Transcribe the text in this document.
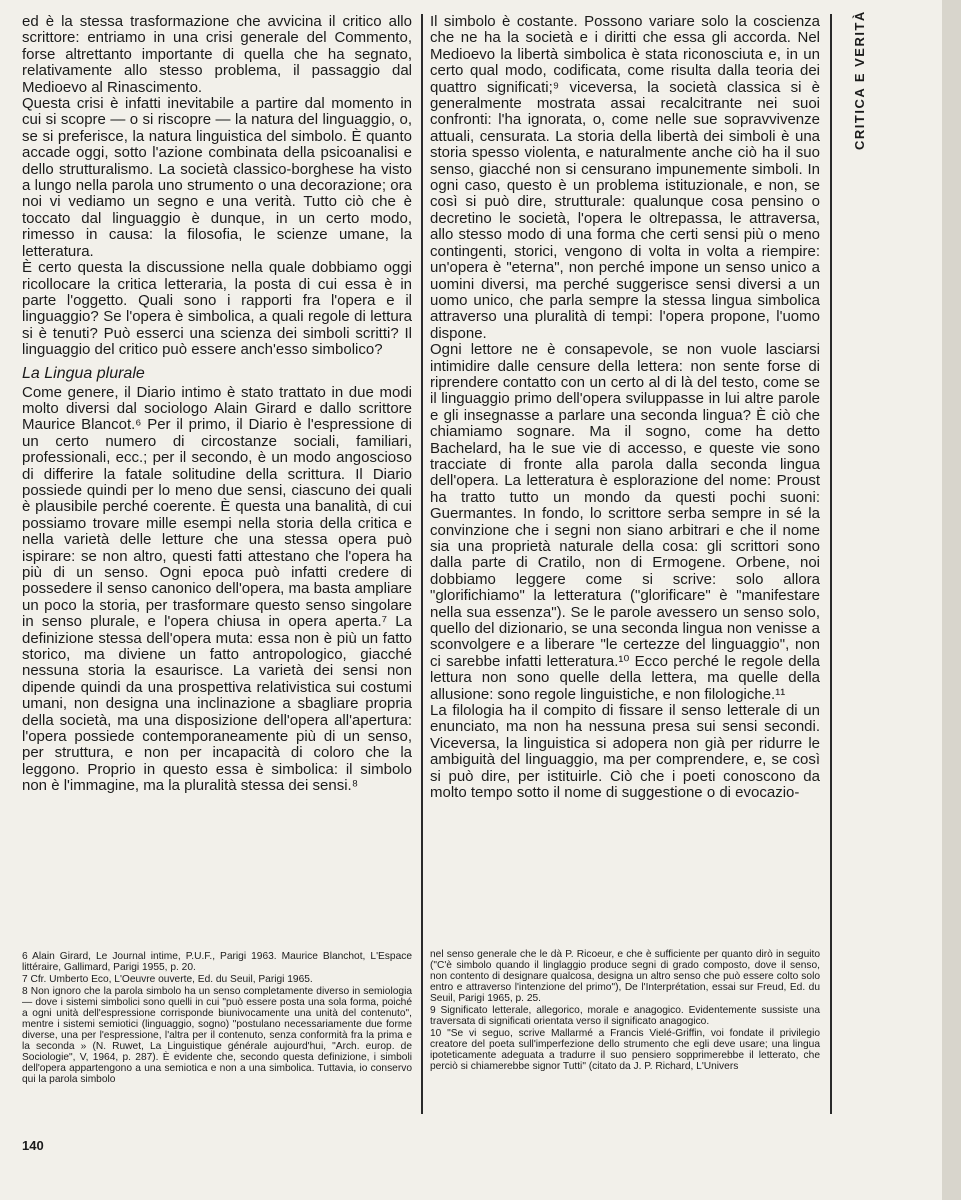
ed è la stessa trasformazione che avvicina il critico allo scrittore: entriamo in una crisi generale del Commento, forse altrettanto importante di quella che ha segnato, relativamente allo stesso problema, il passaggio dal Medioevo al Rinascimento.

Questa crisi è infatti inevitabile a partire dal momento in cui si scopre — o si riscopre — la natura del linguaggio, o, se si preferisce, la natura linguistica del simbolo. È quanto accade oggi, sotto l'azione combinata della psicoanalisi e dello strutturalismo. La società classico-borghese ha visto a lungo nella parola uno strumento o una decorazione; ora noi vi vediamo un segno e una verità. Tutto ciò che è toccato dal linguaggio è dunque, in un certo modo, rimesso in causa: la filosofia, le scienze umane, la letteratura.

È certo questa la discussione nella quale dobbiamo oggi ricollocare la critica letteraria, la posta di cui essa è in parte l'oggetto. Quali sono i rapporti fra l'opera e il linguaggio? Se l'opera è simbolica, a quali regole di lettura si è tenuti? Può esserci una scienza dei simboli scritti? Il linguaggio del critico può essere anch'esso simbolico?

La Lingua plurale

Come genere, il Diario intimo è stato trattato in due modi molto diversi dal sociologo Alain Girard e dallo scrittore Maurice Blancot.⁶ Per il primo, il Diario è l'espressione di un certo numero di circostanze sociali, familiari, professionali, ecc.; per il secondo, è un modo angoscioso di differire la fatale solitudine della scrittura. Il Diario possiede quindi per lo meno due sensi, ciascuno dei quali è plausibile perché coerente. È questa una banalità, di cui possiamo trovare mille esempi nella storia della critica e nella varietà delle letture che una stessa opera può ispirare: se non altro, questi fatti attestano che l'opera ha più di un senso. Ogni epoca può infatti credere di possedere il senso canonico dell'opera, ma basta ampliare un poco la storia, per trasformare questo senso singolare in senso plurale, e l'opera chiusa in opera aperta.⁷ La definizione stessa dell'opera muta: essa non è più un fatto storico, ma diviene un fatto antropologico, giacché nessuna storia la esaurisce. La varietà dei sensi non dipende quindi da una prospettiva relativistica sui costumi umani, non designa una inclinazione a sbagliare propria della società, ma una disposizione dell'opera all'apertura: l'opera possiede contemporaneamente più di un senso, per struttura, e non per incapacità di coloro che la leggono. Proprio in questo essa è simbolica: il simbolo non è l'immagine, ma la pluralità stessa dei sensi.⁸

Il simbolo è costante. Possono variare solo la coscienza che ne ha la società e i diritti che essa gli accorda. Nel Medioevo la libertà simbolica è stata riconosciuta e, in un certo qual modo, codificata, come risulta dalla teoria dei quattro significati;⁹ viceversa, la società classica si è generalmente mostrata assai recalcitrante nei suoi confronti: l'ha ignorata, o, come nelle sue sopravvivenze attuali, censurata. La storia della libertà dei simboli è una storia spesso violenta, e naturalmente anche ciò ha il suo senso, giacché non si censurano impunemente simboli. In ogni caso, questo è un problema istituzionale, e non, se così si può dire, strutturale: qualunque cosa pensino o decretino le società, l'opera le oltrepassa, le attraversa, allo stesso modo di una forma che certi sensi più o meno contingenti, storici, vengono di volta in volta a riempire: un'opera è "eterna", non perché impone un senso unico a uomini diversi, ma perché suggerisce sensi diversi a un uomo unico, che parla sempre la stessa lingua simbolica attraverso una pluralità di tempi: l'opera propone, l'uomo dispone.

Ogni lettore ne è consapevole, se non vuole lasciarsi intimidire dalle censure della lettera: non sente forse di riprendere contatto con un certo al di là del testo, come se il linguaggio primo dell'opera sviluppasse in lui altre parole e gli insegnasse a parlare una seconda lingua? È ciò che chiamiamo sognare. Ma il sogno, come ha detto Bachelard, ha le sue vie di accesso, e queste vie sono tracciate di fronte alla parola dalla seconda lingua dell'opera. La letteratura è esplorazione del nome: Proust ha tratto tutto un mondo da questi pochi suoni: Guermantes. In fondo, lo scrittore serba sempre in sé la convinzione che i segni non siano arbitrari e che il nome sia una proprietà naturale della cosa: gli scrittori sono dalla parte di Cratilo, non di Ermogene. Orbene, noi dobbiamo leggere come si scrive: solo allora "glorifichiamo" la letteratura ("glorificare" è "manifestare nella sua essenza"). Se le parole avessero un senso solo, quello del dizionario, se una seconda lingua non venisse a sconvolgere e a liberare "le certezze del linguaggio", non ci sarebbe infatti letteratura.¹⁰ Ecco perché le regole della lettura non sono quelle della lettera, ma quelle della allusione: sono regole linguistiche, e non filologiche.¹¹

La filologia ha il compito di fissare il senso letterale di un enunciato, ma non ha nessuna presa sui sensi secondi. Viceversa, la linguistica si adopera non già per ridurre le ambiguità del linguaggio, ma per comprendere, e, se così si può dire, per istituirle. Ciò che i poeti conoscono da molto tempo sotto il nome di suggestione o di evocazio-

CRITICA E VERITÀ

6 Alain Girard, Le Journal intime, P.U.F., Parigi 1963. Maurice Blanchot, L'Espace littéraire, Gallimard, Parigi 1955, p. 20.

7 Cfr. Umberto Eco, L'Oeuvre ouverte, Ed. du Seuil, Parigi 1965.

8 Non ignoro che la parola simbolo ha un senso completamente diverso in semiologia — dove i sistemi simbolici sono quelli in cui "può essere posta una sola forma, poiché a ogni unità dell'espressione corrisponde biunivocamente una unità del contenuto", mentre i sistemi semiotici (linguaggio, sogno) "postulano necessariamente due forme diverse, una per l'espressione, l'altra per il contenuto, senza conformità fra la prima e la seconda » (N. Ruwet, La Linguistique générale aujourd'hui, "Arch. europ. de Sociologie", V, 1964, p. 287). È evidente che, secondo questa definizione, i simboli dell'opera appartengono a una semiotica e non a una simbolica. Tuttavia, io conservo qui la parola simbolo

nel senso generale che le dà P. Ricoeur, e che è sufficiente per quanto dirò in seguito ("C'è simbolo quando il linglaggio produce segni di grado composto, dove il senso, non contento di designare qualcosa, designa un altro senso che può essere colto solo entro e attraverso l'intenzione del primo"), De l'Interprétation, essai sur Freud, Ed. du Seuil, Parigi 1965, p. 25.

9 Significato letterale, allegorico, morale e anagogico. Evidentemente sussiste una traversata di significati orientata verso il significato anagogico.

10 "Se vi seguo, scrive Mallarmé a Francis Vielé-Griffin, voi fondate il privilegio creatore del poeta sull'imperfezione dello strumento che egli deve usare; una lingua ipoteticamente adeguata a tradurre il suo pensiero sopprimerebbe il letterato, che perciò si chiamerebbe signor Tutti" (citato da J. P. Richard, L'Univers

140
